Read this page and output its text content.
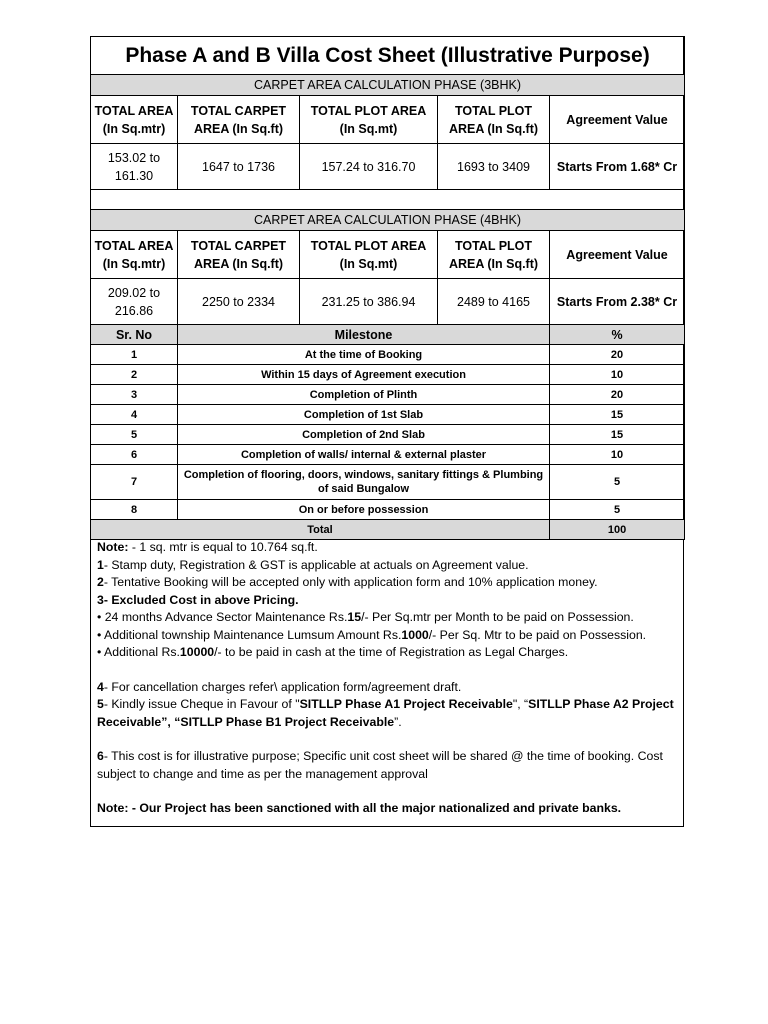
Phase A and B Villa Cost Sheet (Illustrative Purpose)				
CARPET AREA CALCULATION PHASE (3BHK)				
TOTAL AREA (In Sq.mtr)	TOTAL CARPET AREA (In Sq.ft)	TOTAL PLOT AREA (In Sq.mt)	TOTAL PLOT AREA (In Sq.ft)	Agreement Value
153.02 to 161.30	1647 to 1736	157.24 to 316.70	1693 to 3409	Starts From 1.68* Cr

CARPET AREA CALCULATION PHASE (4BHK)				
TOTAL AREA (In Sq.mtr)	TOTAL CARPET AREA (In Sq.ft)	TOTAL PLOT AREA (In Sq.mt)	TOTAL PLOT AREA (In Sq.ft)	Agreement Value
209.02 to 216.86	2250 to 2334	231.25 to 386.94	2489 to 4165	Starts From 2.38* Cr
Sr. No	Milestone			%
1	At the time of Booking			20
2	Within 15 days of Agreement execution			10
3	Completion of Plinth			20
4	Completion of 1st Slab			15
5	Completion of 2nd Slab			15
6	Completion of walls/ internal & external plaster			10
7	Completion of flooring, doors, windows, sanitary fittings & Plumbing of said Bungalow			5
8	On or before possession			5
Total				100

Note: - 1 sq. mtr is equal to 10.764 sq.ft.

1- Stamp duty, Registration & GST is applicable at actuals on Agreement value.

2- Tentative Booking will be accepted only with application form and 10% application money.

3- Excluded Cost in above Pricing.

• 24 months Advance Sector Maintenance Rs.15/- Per Sq.mtr per Month to be paid on Possession.

• Additional township Maintenance Lumsum Amount Rs.1000/- Per Sq. Mtr to be paid on Possession.

• Additional Rs.10000/- to be paid in cash at the time of Registration as Legal Charges.

4- For cancellation charges refer\ application form/agreement draft.

5- Kindly issue Cheque in Favour of "SITLLP Phase A1 Project Receivable", “SITLLP Phase A2 Project Receivable”, “SITLLP Phase B1 Project Receivable”.

6- This cost is for illustrative purpose; Specific unit cost sheet will be shared @ the time of booking. Cost subject to change and time as per the management approval

Note: - Our Project has been sanctioned with all the major nationalized and private banks.
